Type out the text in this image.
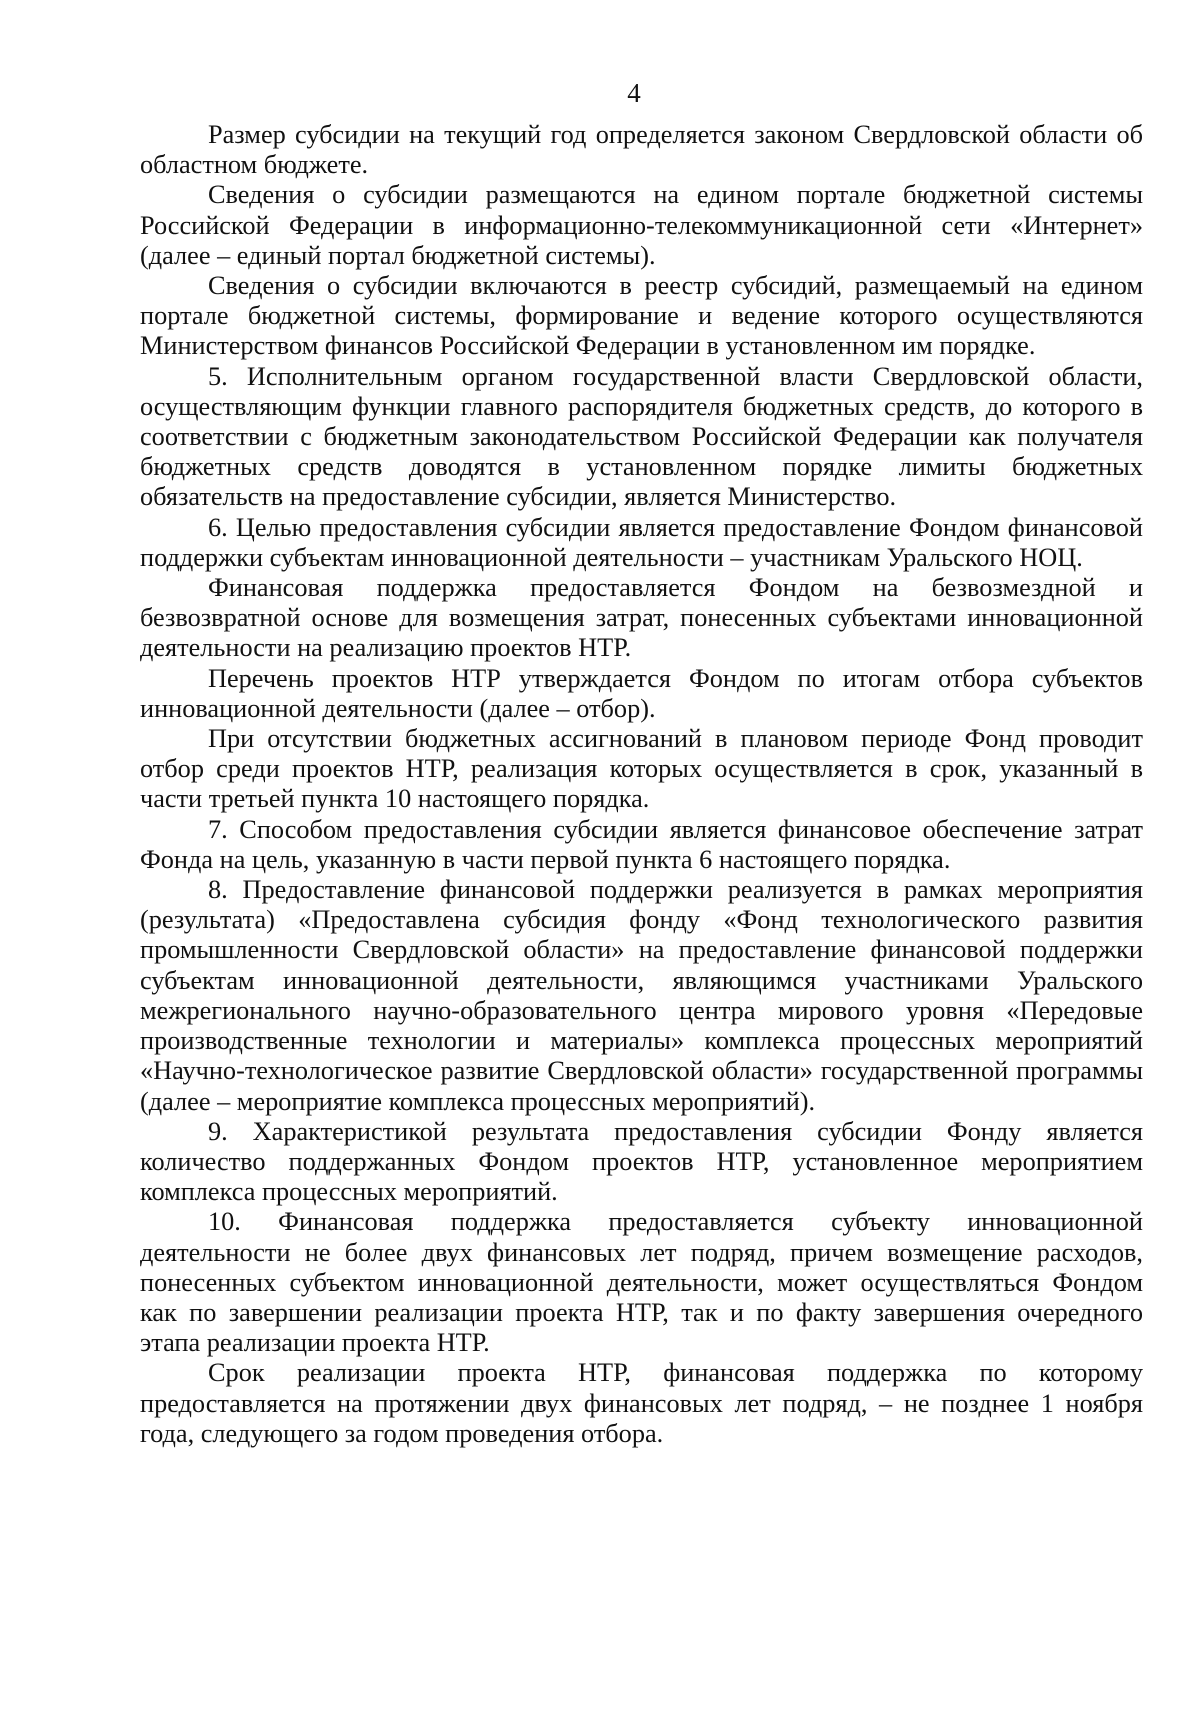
4

Размер субсидии на текущий год определяется законом Свердловской области об областном бюджете.

Сведения о субсидии размещаются на едином портале бюджетной системы Российской Федерации в информационно-телекоммуникационной сети «Интернет» (далее – единый портал бюджетной системы).

Сведения о субсидии включаются в реестр субсидий, размещаемый на едином портале бюджетной системы, формирование и ведение которого осуществляются Министерством финансов Российской Федерации в установленном им порядке.

5. Исполнительным органом государственной власти Свердловской области, осуществляющим функции главного распорядителя бюджетных средств, до которого в соответствии с бюджетным законодательством Российской Федерации как получателя бюджетных средств доводятся в установленном порядке лимиты бюджетных обязательств на предоставление субсидии, является Министерство.

6. Целью предоставления субсидии является предоставление Фондом финансовой поддержки субъектам инновационной деятельности – участникам Уральского НОЦ.

Финансовая поддержка предоставляется Фондом на безвозмездной и безвозвратной основе для возмещения затрат, понесенных субъектами инновационной деятельности на реализацию проектов НТР.

Перечень проектов НТР утверждается Фондом по итогам отбора субъектов инновационной деятельности (далее – отбор).

При отсутствии бюджетных ассигнований в плановом периоде Фонд проводит отбор среди проектов НТР, реализация которых осуществляется в срок, указанный в части третьей пункта 10 настоящего порядка.

7. Способом предоставления субсидии является финансовое обеспечение затрат Фонда на цель, указанную в части первой пункта 6 настоящего порядка.

8. Предоставление финансовой поддержки реализуется в рамках мероприятия (результата) «Предоставлена субсидия фонду «Фонд технологического развития промышленности Свердловской области» на предоставление финансовой поддержки субъектам инновационной деятельности, являющимся участниками Уральского межрегионального научно-образовательного центра мирового уровня «Передовые производственные технологии и материалы» комплекса процессных мероприятий «Научно-технологическое развитие Свердловской области» государственной программы (далее – мероприятие комплекса процессных мероприятий).

9. Характеристикой результата предоставления субсидии Фонду является количество поддержанных Фондом проектов НТР, установленное мероприятием комплекса процессных мероприятий.

10. Финансовая поддержка предоставляется субъекту инновационной деятельности не более двух финансовых лет подряд, причем возмещение расходов, понесенных субъектом инновационной деятельности, может осуществляться Фондом как по завершении реализации проекта НТР, так и по факту завершения очередного этапа реализации проекта НТР.

Срок реализации проекта НТР, финансовая поддержка по которому предоставляется на протяжении двух финансовых лет подряд, – не позднее 1 ноября года, следующего за годом проведения отбора.
